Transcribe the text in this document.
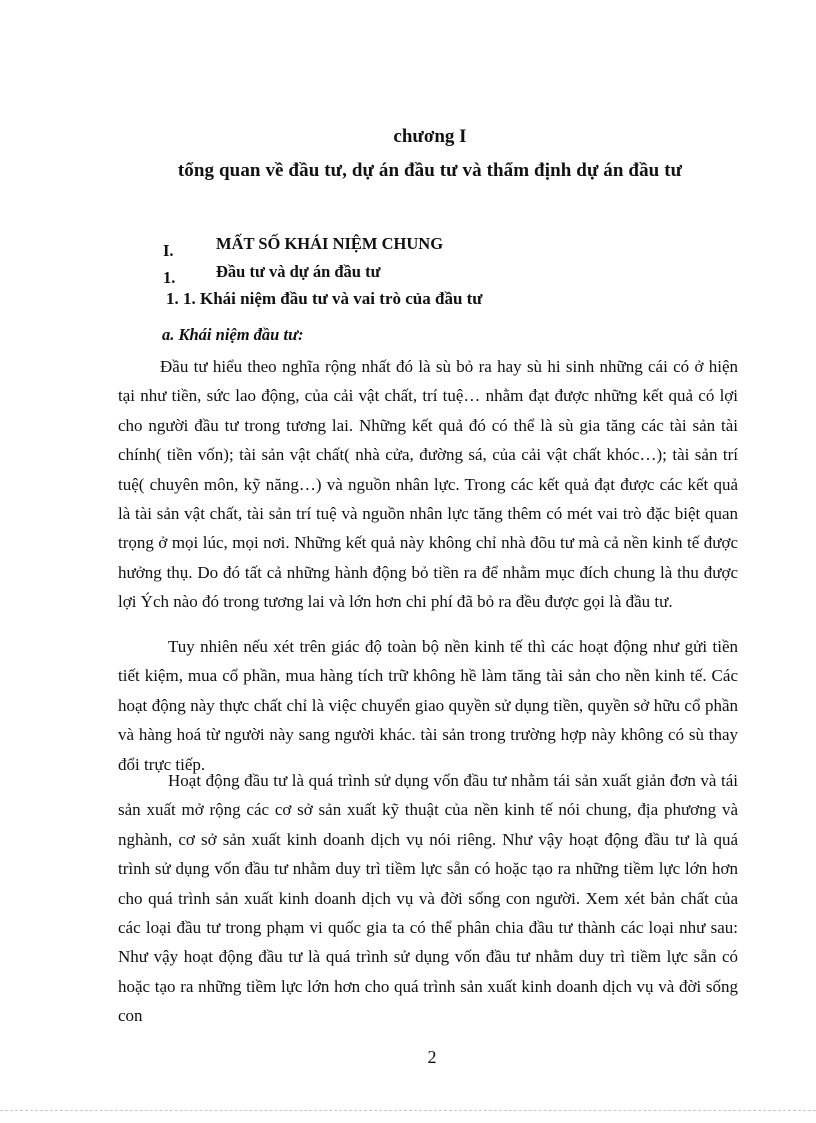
chương I
tổng quan về đầu tư, dự án đầu tư và thẩm định dự án đầu tư
I.	MẤT SỐ KHÁI NIỆM CHUNG
1. Đầu tư và dự án đầu tư
1. 1. Khái niệm đầu tư và vai trò của đầu tư
a. Khái niệm đầu tư:

Đầu tư hiểu theo nghĩa rộng nhất đó là sù bỏ ra hay sù hi sinh những cái có ở hiện tại như tiền, sức lao động, của cải vật chất, trí tuệ… nhằm đạt được những kết quả có lợi cho người đầu tư trong tương lai. Những kết quả đó có thể là sù gia tăng các tài sản tài chính( tiền vốn); tài sản vật chất( nhà cửa, đường sá, của cải vật chất khóc…); tài sản trí tuệ( chuyên môn, kỹ năng…) và nguồn nhân lực. Trong các kết quả đạt được các kết quả là tài sản vật chất, tài sản trí tuệ và nguồn nhân lực tăng thêm có mét vai trò đặc biệt quan trọng ở mọi lúc, mọi nơi. Những kết quả này không chỉ nhà đõu tư mà cả nền kinh tế được hưởng thụ. Do đó tất cả những hành động bỏ tiền ra để nhằm mục đích chung là thu được lợi Ých nào đó trong tương lai và lớn hơn chi phí đã bỏ ra đều được gọi là đầu tư.

Tuy nhiên nếu xét trên giác độ toàn bộ nền kinh tế thì các hoạt động như gửi tiền tiết kiệm, mua cổ phần, mua hàng tích trữ không hề làm tăng tài sản cho nền kinh tế. Các hoạt động này thực chất chỉ là việc chuyển giao quyền sử dụng tiền, quyền sở hữu cổ phần và hàng hoá từ người này sang người khác. tài sản trong trường hợp này không có sù thay đổi trực tiếp.

Hoạt động đầu tư là quá trình sử dụng vốn đầu tư nhằm tái sản xuất giản đơn và tái sản xuất mở rộng các cơ sở sản xuất kỹ thuật của nền kinh tế nói chung, địa phương và nghành, cơ sở sản xuất kinh doanh dịch vụ nói riêng. Như vậy hoạt động đầu tư là quá trình sử dụng vốn đầu tư nhằm duy trì tiềm lực sẵn có hoặc tạo ra những tiềm lực lớn hơn cho quá trình sản xuất kinh doanh dịch vụ và đời sống con người. Xem xét bản chất của các loại đầu tư trong phạm vi quốc gia ta có thể phân chia đầu tư thành các loại như sau: Như vậy hoạt động đầu tư là quá trình sử dụng vốn đầu tư nhằm duy trì tiềm lực sẵn có hoặc tạo ra những tiềm lực lớn hơn cho quá trình sản xuất kinh doanh dịch vụ và đời sống con

2
